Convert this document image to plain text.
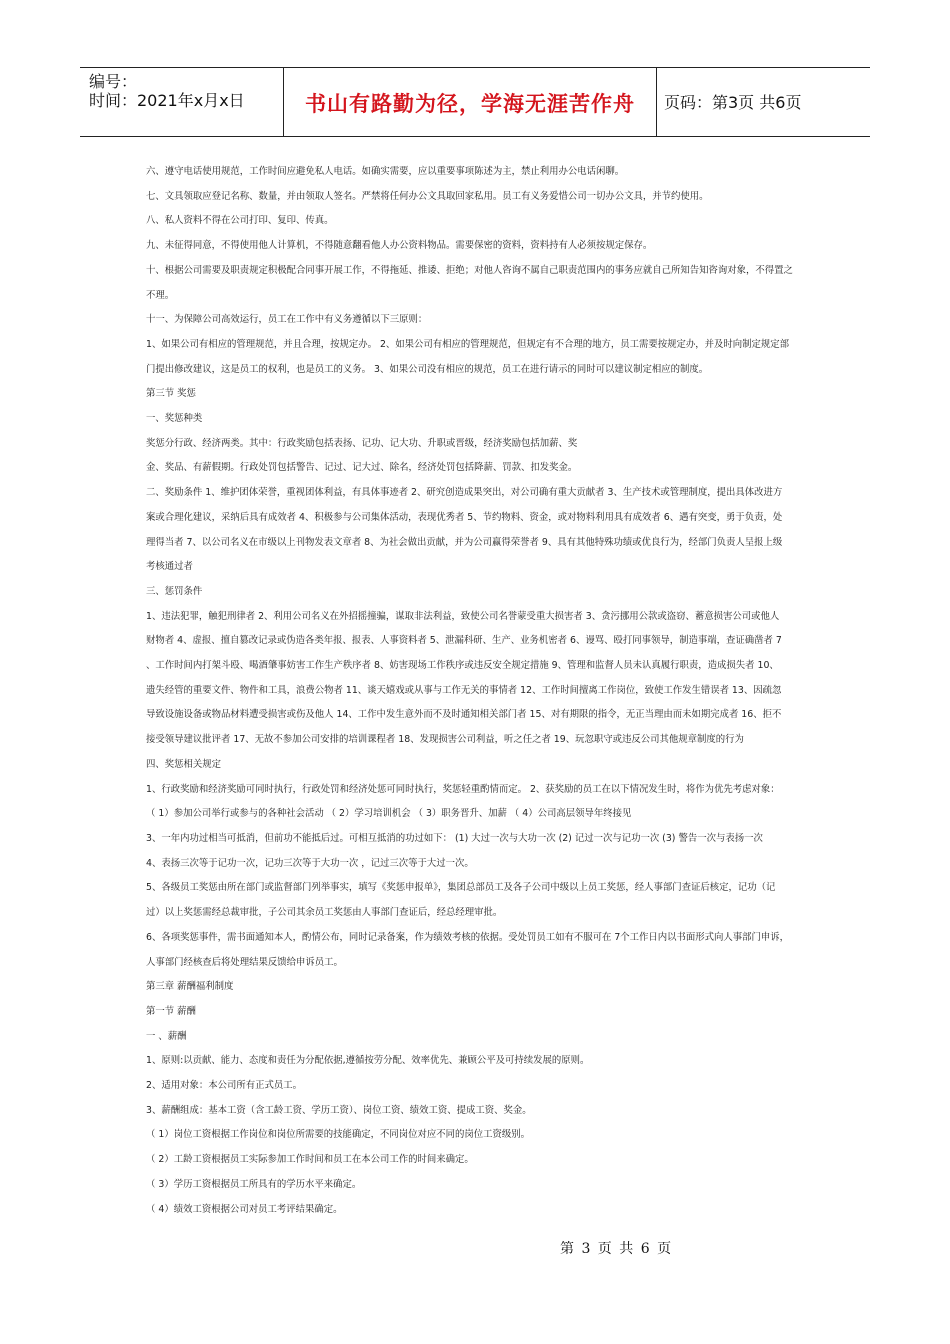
编号：
时间：2021年x月x日	书山有路勤为径，学海无涯苦作舟	页码：第3页 共6页

六、遵守电话使用规范，工作时间应避免私人电话。如确实需要，应以重要事项陈述为主，禁止利用办公电话闲聊。

七、文具领取应登记名称、数量，并由领取人签名。严禁将任何办公文具取回家私用。员工有义务爱惜公司一切办公文具，并节约使用。

八、私人资料不得在公司打印、复印、传真。

九、未征得同意，不得使用他人计算机，不得随意翻看他人办公资料物品。需要保密的资料，资料持有人必须按规定保存。

十、根据公司需要及职责规定积极配合同事开展工作，不得拖延、推诿、拒绝；对他人咨询不属自己职责范围内的事务应就自己所知告知咨询对象，不得置之

不理。

十一、为保障公司高效运行，员工在工作中有义务遵循以下三原则：

1、如果公司有相应的管理规范，并且合理，按规定办。 2、如果公司有相应的管理规范，但规定有不合理的地方，员工需要按规定办，并及时向制定规定部

门提出修改建议，这是员工的权利，也是员工的义务。 3、如果公司没有相应的规范，员工在进行请示的同时可以建议制定相应的制度。

第三节 奖惩

一、奖惩种类

奖惩分行政、经济两类。其中：行政奖励包括表扬、记功、记大功、升职或晋级，经济奖励包括加薪、奖

金、奖品、有薪假期。行政处罚包括警告、记过、记大过、除名，经济处罚包括降薪、罚款、扣发奖金。

二、奖励条件 1、维护团体荣誉，重视团体利益，有具体事迹者 2、研究创造成果突出，对公司确有重大贡献者 3、生产技术或管理制度，提出具体改进方

案或合理化建议，采纳后具有成效者 4、积极参与公司集体活动，表现优秀者 5、节约物料、资金，或对物料利用具有成效者 6、遇有突变，勇于负责，处

理得当者 7、以公司名义在市级以上刊物发表文章者 8、为社会做出贡献，并为公司赢得荣誉者 9、具有其他特殊功绩或优良行为，经部门负责人呈报上级

考核通过者

三、惩罚条件

1、违法犯罪，触犯刑律者 2、利用公司名义在外招摇撞骗，谋取非法利益，致使公司名誉蒙受重大损害者 3、贪污挪用公款或盗窃、蓄意损害公司或他人

财物者 4、虚报、擅自篡改记录或伪造各类年报、报表、人事资料者 5、泄漏科研、生产、业务机密者 6、谩骂、殴打同事领导，制造事端，查证确凿者 7

、工作时间内打架斗殴、喝酒肇事妨害工作生产秩序者 8、妨害现场工作秩序或违反安全规定措施 9、管理和监督人员未认真履行职责，造成损失者 10、

遗失经管的重要文件、物件和工具，浪费公物者 11、谈天嬉戏或从事与工作无关的事情者 12、工作时间擅离工作岗位，致使工作发生错误者 13、因疏忽

导致设施设备或物品材料遭受损害或伤及他人 14、工作中发生意外而不及时通知相关部门者 15、对有期限的指令，无正当理由而未如期完成者 16、拒不

接受领导建议批评者 17、无故不参加公司安排的培训课程者 18、发现损害公司利益，听之任之者 19、玩忽职守或违反公司其他规章制度的行为

四、奖惩相关规定

1、行政奖励和经济奖励可同时执行，行政处罚和经济处惩可同时执行，奖惩轻重酌情而定。 2、获奖励的员工在以下情况发生时，将作为优先考虑对象：

（ 1）参加公司举行或参与的各种社会活动 （ 2）学习培训机会 （ 3）职务晋升、加薪 （ 4）公司高层领导年终接见

3、一年内功过相当可抵消，但前功不能抵后过。可相互抵消的功过如下： (1) 大过一次与大功一次 (2) 记过一次与记功一次 (3) 警告一次与表扬一次

4、表扬三次等于记功一次，记功三次等于大功一次 ，记过三次等于大过一次。

5、各级员工奖惩由所在部门或监督部门列举事实，填写《奖惩申报单》，集团总部员工及各子公司中级以上员工奖惩，经人事部门查证后核定，记功（记

过）以上奖惩需经总裁审批，子公司其余员工奖惩由人事部门查证后，经总经理审批。

6、各项奖惩事件，需书面通知本人，酌情公布，同时记录备案，作为绩效考核的依据。受处罚员工如有不服可在 7个工作日内以书面形式向人事部门申诉，

人事部门经核查后将处理结果反馈给申诉员工。

第三章 薪酬福利制度

第一节 薪酬

一 、薪酬

1、原则:以贡献、能力、态度和责任为分配依据,遵循按劳分配、效率优先、兼顾公平及可持续发展的原则。

2、适用对象：本公司所有正式员工。

3、薪酬组成：基本工资（含工龄工资、学历工资）、岗位工资、绩效工资、提成工资、奖金。

（ 1）岗位工资根据工作岗位和岗位所需要的技能确定，不同岗位对应不同的岗位工资级别。

（ 2）工龄工资根据员工实际参加工作时间和员工在本公司工作的时间来确定。

（ 3）学历工资根据员工所具有的学历水平来确定。

（ 4）绩效工资根据公司对员工考评结果确定。

第 3 页 共 6 页
